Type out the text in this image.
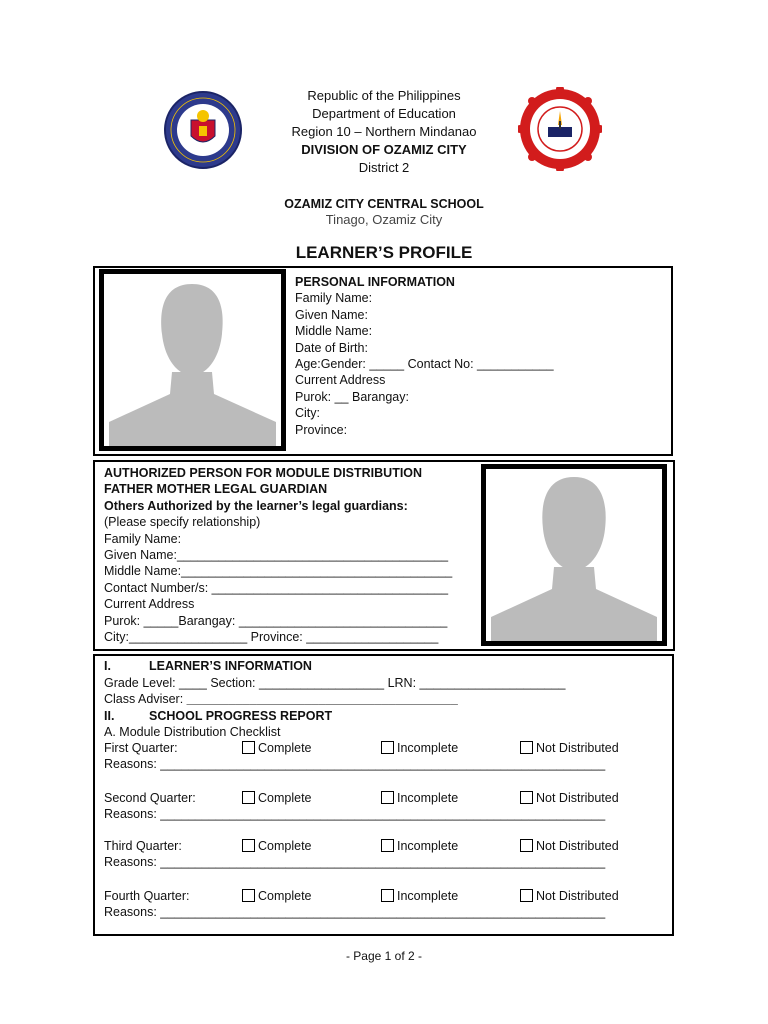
Republic of the Philippines
Department of Education
Region 10 – Northern Mindanao
DIVISION OF OZAMIZ CITY
District 2
OZAMIZ CITY CENTRAL SCHOOL
Tinago, Ozamiz City
LEARNER’S PROFILE
PERSONAL INFORMATION
Family Name:
Given Name:
Middle Name:
Date of Birth:
Age:Gender: _____ Contact No: ___________
Current Address
Purok: __ Barangay:
City:
Province:
AUTHORIZED PERSON FOR MODULE DISTRIBUTION
FATHER MOTHER LEGAL GUARDIAN
Others Authorized by the learner’s legal guardians:
(Please specify relationship)
Family Name:
Given Name:_______________________________________
Middle Name:_______________________________________
Contact Number/s: __________________________________
Current Address
Purok: _____Barangay: ______________________________
City:_________________ Province: ___________________
I.	LEARNER’S INFORMATION
Grade Level: ____ Section: __________________ LRN: _____________________
Class Adviser: _______________________________________
II.	SCHOOL PROGRESS REPORT
A. Module Distribution Checklist
First Quarter:	Complete	Incomplete	Not Distributed
Reasons: ________________________________________________________________
Second Quarter:	Complete	Incomplete	Not Distributed
Reasons: ________________________________________________________________
Third Quarter:	Complete	Incomplete	Not Distributed
Reasons: ________________________________________________________________
Fourth Quarter:	Complete	Incomplete	Not Distributed
Reasons: ________________________________________________________________
- Page 1 of 2 -
